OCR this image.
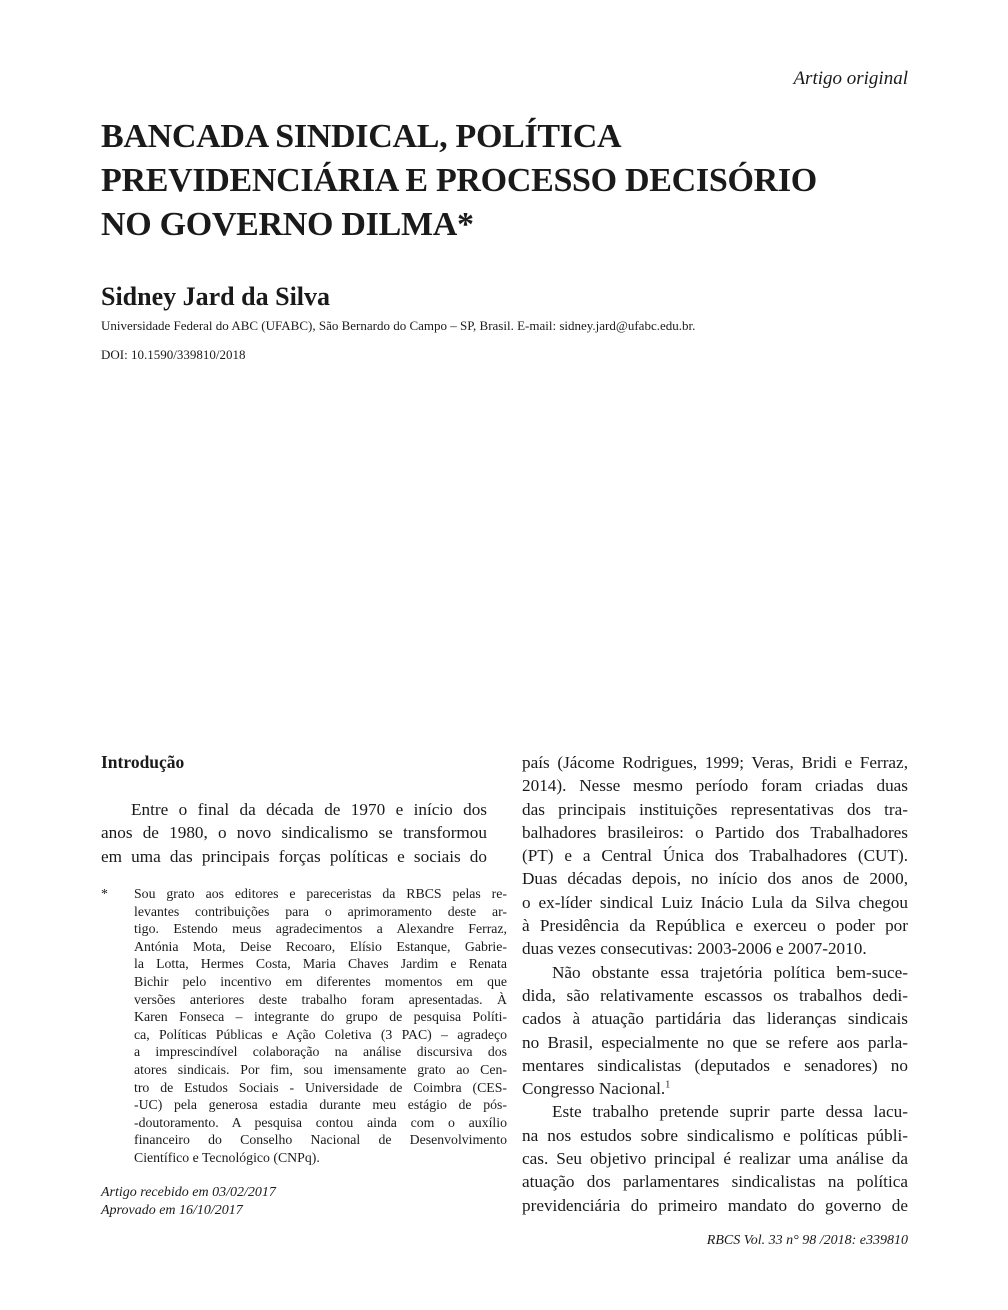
Artigo original
BANCADA SINDICAL, POLÍTICA
PREVIDENCIÁRIA E PROCESSO DECISÓRIO
NO GOVERNO DILMA*
Sidney Jard da Silva
Universidade Federal do ABC (UFABC), São Bernardo do Campo – SP, Brasil. E-mail: sidney.jard@ufabc.edu.br.
DOI: 10.1590/339810/2018
Introdução
Entre o final da década de 1970 e início dos
anos de 1980, o novo sindicalismo se transformou
em uma das principais forças políticas e sociais do
* Sou grato aos editores e pareceristas da RBCS pelas re-
levantes contribuições para o aprimoramento deste ar-
tigo. Estendo meus agradecimentos a Alexandre Ferraz,
Antónia Mota, Deise Recoaro, Elísio Estanque, Gabrie-
la Lotta, Hermes Costa, Maria Chaves Jardim e Renata
Bichir pelo incentivo em diferentes momentos em que
versões anteriores deste trabalho foram apresentadas. À
Karen Fonseca – integrante do grupo de pesquisa Políti-
ca, Políticas Públicas e Ação Coletiva (3 PAC) – agradeço
a imprescindível colaboração na análise discursiva dos
atores sindicais. Por fim, sou imensamente grato ao Cen-
tro de Estudos Sociais - Universidade de Coimbra (CES-
-UC) pela generosa estadia durante meu estágio de pós-
-doutoramento. A pesquisa contou ainda com o auxílio
financeiro do Conselho Nacional de Desenvolvimento
Científico e Tecnológico (CNPq).
Artigo recebido em 03/02/2017
Aprovado em 16/10/2017
país (Jácome Rodrigues, 1999; Veras, Bridi e Ferraz,
2014). Nesse mesmo período foram criadas duas
das principais instituições representativas dos tra-
balhadores brasileiros: o Partido dos Trabalhadores
(PT) e a Central Única dos Trabalhadores (CUT).
Duas décadas depois, no início dos anos de 2000,
o ex-líder sindical Luiz Inácio Lula da Silva chegou
à Presidência da República e exerceu o poder por
duas vezes consecutivas: 2003-2006 e 2007-2010.
Não obstante essa trajetória política bem-suce-
dida, são relativamente escassos os trabalhos dedi-
cados à atuação partidária das lideranças sindicais
no Brasil, especialmente no que se refere aos parla-
mentares sindicalistas (deputados e senadores) no
Congresso Nacional.$^1$
Este trabalho pretende suprir parte dessa lacu-
na nos estudos sobre sindicalismo e políticas públi-
cas. Seu objetivo principal é realizar uma análise da
atuação dos parlamentares sindicalistas na política
previdenciária do primeiro mandato do governo de
RBCS Vol. 33 n° 98 /2018: e339810
